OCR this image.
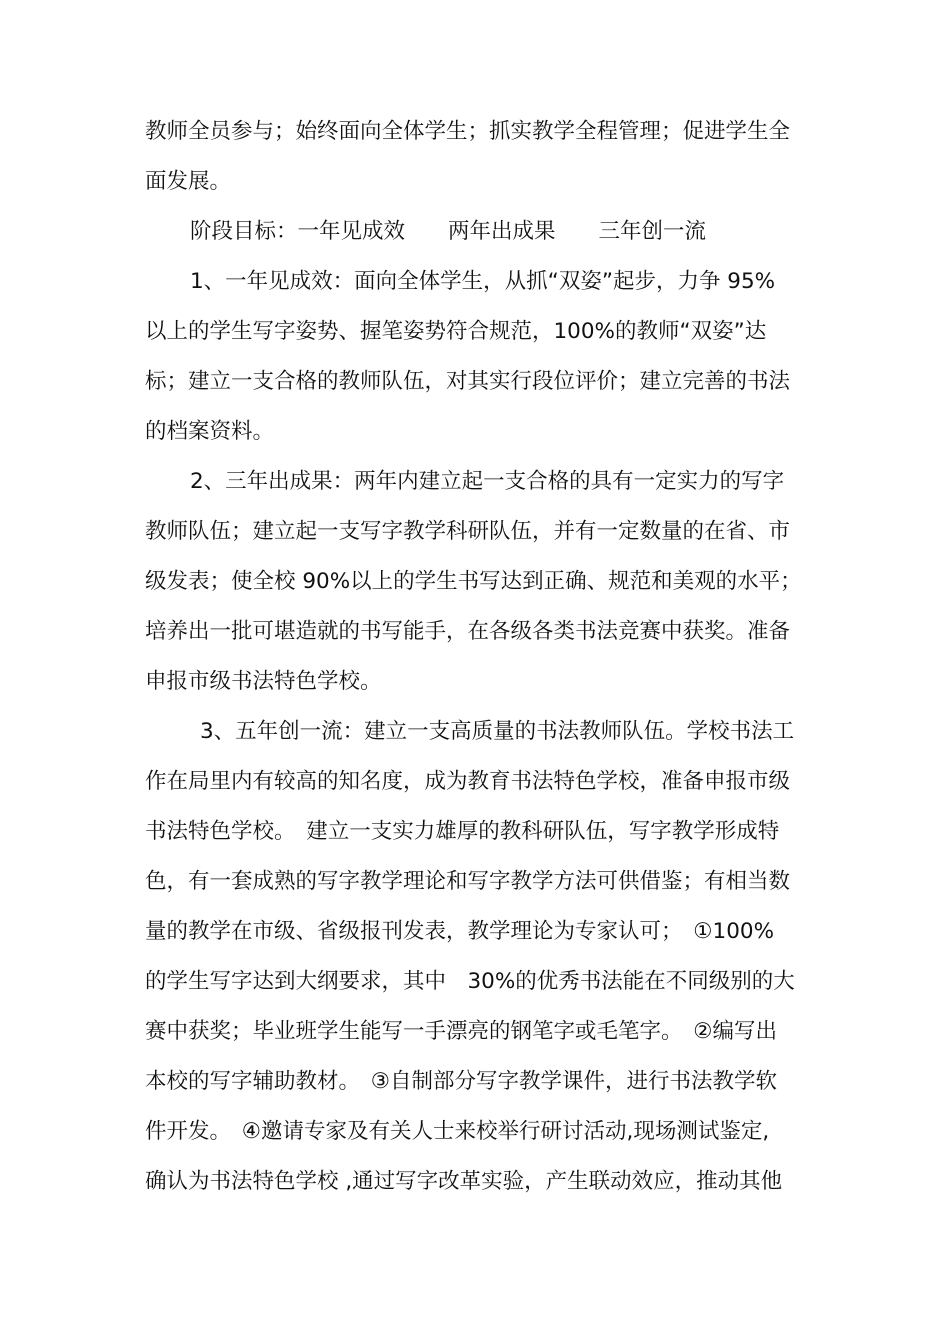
教师全员参与；始终面向全体学生；抓实教学全程管理；促进学生全
面发展。
阶段目标：一年见成效　　两年出成果　　三年创一流
1、一年见成效：面向全体学生，从抓“双姿”起步，力争 95%
以上的学生写字姿势、握笔姿势符合规范，100%的教师“双姿”达
标；建立一支合格的教师队伍，对其实行段位评价；建立完善的书法
的档案资料。
2、三年出成果：两年内建立起一支合格的具有一定实力的写字
教师队伍；建立起一支写字教学科研队伍，并有一定数量的在省、市
级发表；使全校 90%以上的学生书写达到正确、规范和美观的水平；
培养出一批可堪造就的书写能手，在各级各类书法竞赛中获奖。准备
申报市级书法特色学校。
3、五年创一流：建立一支高质量的书法教师队伍。学校书法工
作在局里内有较高的知名度，成为教育书法特色学校，准备申报市级
书法特色学校。　建立一支实力雄厚的教科研队伍，写字教学形成特
色，有一套成熟的写字教学理论和写字教学方法可供借鉴；有相当数
量的教学在市级、省级报刊发表，教学理论为专家认可；　①100%
的学生写字达到大纲要求，其中　30%的优秀书法能在不同级别的大
赛中获奖；毕业班学生能写一手漂亮的钢笔字或毛笔字。　②编写出
本校的写字辅助教材。　③自制部分写字教学课件，进行书法教学软
件开发。　④邀请专家及有关人士来校举行研讨活动,现场测试鉴定,
确认为书法特色学校 ,通过写字改革实验，产生联动效应，推动其他
